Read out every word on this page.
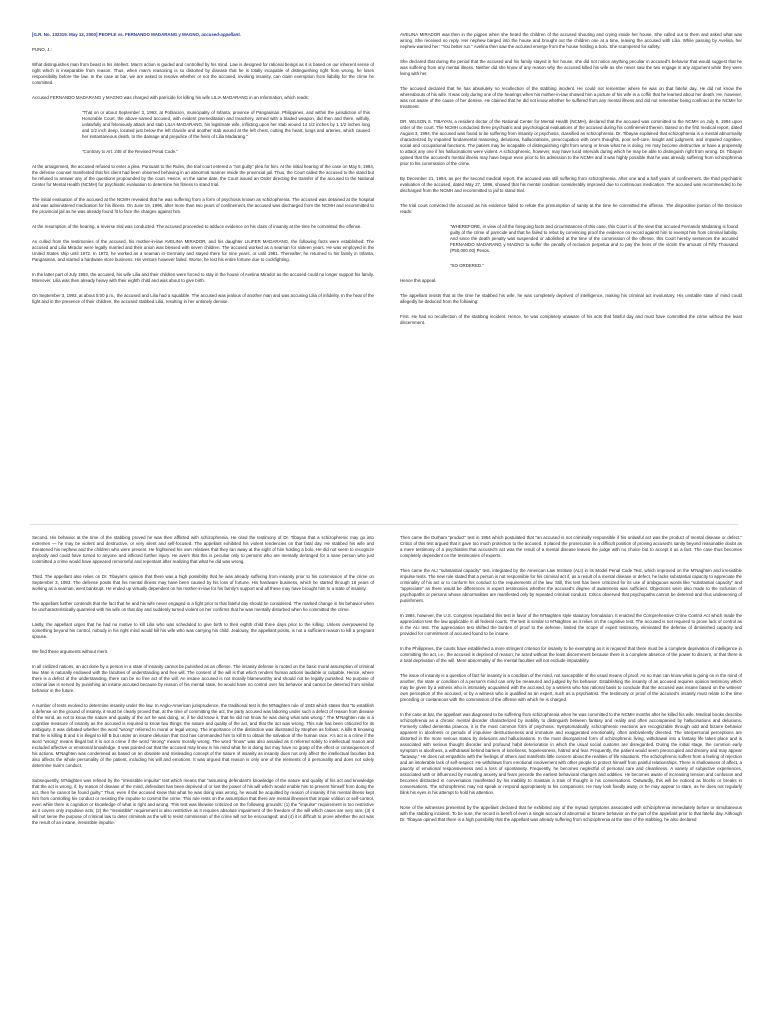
[G.R. No. 132319. May 12, 2000] PEOPLE vs. FERNANDO MADARANG y MAGNO, accused-appellant.

PUNO, J.:

What distinguishes man from beast is his intellect. Man's action is guided and controlled by his mind. Law is designed for rational beings as it is based on our inherent sense of right which is inseparable from reason. Thus, when man's reasoning is so distorted by disease that he is totally incapable of distinguishing right from wrong, he loses responsibility before the law. In the case at bar, we are asked to resolve whether or not the accused, invoking insanity, can claim exemption from liability for the crime he committed.

Accused FERNANDO MADARANG y MAGNO was charged with parricide for killing his wife LILIA MADARANG in an Information, which reads:

"That on or about September 3, 1993, at Poblacion, municipality of Infanta, province of Pangasinan, Philippines, and within the jurisdiction of this Honorable Court, the above-named accused, with evident premeditation and treachery, armed with a bladed weapon, did then and there, wilfully, unlawfully and feloniously attack and stab LILIA MADARANG, his legitimate wife, inflicting upon her stab wound 14 1/2 inches by 1 1/2 inches long and 1/2 inch deep, located just below the left clavicle and another stab wound at the left chest, cutting the heart, lungs and arteries, which caused her instantaneous death, to the damage and prejudice of the heirs of Lilia Madarang."

"Contrary to Art. 246 of the Revised Penal Code."

At the arraignment, the accused refused to enter a plea. Pursuant to the Rules, the trial court entered a "not guilty" plea for him. At the initial hearing of the case on May 5, 1994, the defense counsel manifested that his client had been observed behaving in an abnormal manner inside the provincial jail. Thus, the Court called the accused to the stand but he refused to answer any of the questions propounded by the court. Hence, on the same date, the Court issued an Order directing the transfer of the accused to the National Center for Mental Health (NCMH) for psychiatric evaluation to determine his fitness to stand trial.

The initial evaluation of the accused at the NCMH revealed that he was suffering from a form of psychosis known as schizophrenia. The accused was detained at the hospital and was administered medication for his illness. On June 19, 1996, after more than two years of confinement, the accused was discharged from the NCMH and recommitted to the provincial jail as he was already found fit to face the charges against him.

At the resumption of the hearing, a reverse trial was conducted. The accused proceeded to adduce evidence on his claim of insanity at the time he committed the offense.

As culled from the testimonies of the accused, his mother-in-law AVELINA MIRADOR, and his daughter LILIFER MADARANG, the following facts were established: The accused and Lilia Mirador were legally married and their union was blessed with seven children. The accused worked as a seaman for sixteen years. He was employed in the United States ship until 1972. In 1972, he worked as a seaman in Germany and stayed there for nine years, or until 1981. Thereafter, he returned to his family in Infanta, Pangasinan, and started a hardware store business. His venture however failed. Worse, he lost his entire fortune due to cockfighting.

In the latter part of July 1993, the accused, his wife Lilia and their children were forced to stay in the house of Avelina Mirador as the accused could no longer support his family. Moreover, Lilia was then already heavy with their eighth child and was about to give birth.

On September 3, 1993, at about 5:00 p.m., the accused and Lilia had a squabble. The accused was jealous of another man and was accusing Lilia of infidelity. In the heat of the fight and in the presence of their children, the accused stabbed Lilia, resulting in her untimely demise.

AVELINA MIRADOR was then in the pigpen when she heard the children of the accused shouting and crying inside her house. She called out to them and asked what was wrong. She received no reply. Her nephew barged into the house and brought out the children one at a time, leaving the accused with Lilia. While passing by Avelina, her nephew warned her: "You better run." Avelina then saw the accused emerge from the house holding a bolo. She scampered for safety.

She declared that during the period that the accused and his family stayed in her house, she did not notice anything peculiar in accused's behavior that would suggest that he was suffering from any mental illness. Neither did she know of any reason why the accused killed his wife as she never saw the two engage in any argument while they were living with her.

The accused declared that he has absolutely no recollection of the stabbing incident. He could not remember where he was on that fateful day. He did not know the whereabouts of his wife. It was only during one of the hearings when his mother-in-law showed him a picture of his wife in a coffin that he learned about her death. He, however, was not aware of the cause of her demise. He claimed that he did not know whether he suffered from any mental illness and did not remember being confined at the NCMH for treatment.

DR. WILSON S. TIBAYAN, a resident doctor of the National Center for Mental Health (NCMH), declared that the accused was committed to the NCMH on July 6, 1994 upon order of the court. The NCMH conducted three psychiatric and psychological evaluations of the accused during his confinement therein. Based on the first medical report, dated August 3, 1994, the accused was found to be suffering from insanity or psychosis, classified as schizophrenia. Dr. Tibayan explained that schizophrenia is a mental abnormality characterized by impaired fundamental reasoning, delusions, hallucinations, preoccupation with one's thoughts, poor self-care, insight and judgment, and impaired cognitive, social and occupational functions. The patient may be incapable of distinguishing right from wrong or know what he is doing. He may become destructive or have a propensity to attack any one if his hallucinations were violent. A schizophrenic, however, may have lucid intervals during which he may be able to distinguish right from wrong. Dr. Tibayan opined that the accused's mental illness may have begun even prior to his admission to the NCMH and it was highly possible that he was already suffering from schizophrenia prior to his commission of the crime.

By December 21, 1994, as per the second medical report, the accused was still suffering from schizophrenia. After one and a half years of confinement, the third psychiatric evaluation of the accused, dated May 27, 1996, showed that his mental condition considerably improved due to continuous medication. The accused was recommended to be discharged from the NCMH and recommitted to jail to stand trial.

The trial court convicted the accused as his evidence failed to refute the presumption of sanity at the time he committed the offense. The dispositive portion of the Decision reads:

"WHEREFORE, in view of all the foregoing facts and circumstances of this case, this Court is of the view that accused Fernando Madarang is found guilty of the crime of parricide and that he failed to rebut by convincing proof the evidence on record against him to exempt him from criminal liability. And since the death penalty was suspended or abolished at the time of the commission of the offense, this Court hereby sentences the accused FERNANDO MADARANG y MAGNO to suffer the penalty of reclusion perpetua and to pay the heirs of the victim the amount of Fifty Thousand (P50,000.00) Pesos.

"SO ORDERED."

Hence this appeal.

The appellant insists that at the time he stabbed his wife, he was completely deprived of intelligence, making his criminal act involuntary. His unstable state of mind could allegedly be deduced from the following:

First. He had no recollection of the stabbing incident. Hence, he was completely unaware of his acts that fateful day and must have committed the crime without the least discernment.

Second. His behavior at the time of the stabbing proved he was then afflicted with schizophrenia. He cited the testimony of Dr. Tibayan that a schizophrenic may go into extremes — he may be violent and destructive, or very silent and self-focused. The appellant exhibited his violent tendencies on that fatal day. He stabbed his wife and threatened his nephew and the children who were present. He frightened his own relatives that they ran away at the sight of him holding a bolo. He did not seem to recognize anybody and could have turned to anyone and inflicted further injury. He avers that this is peculiar only to persons who are mentally deranged for a sane person who just committed a crime would have appeared remorseful and repentant after realizing that what he did was wrong.

Third. The appellant also relies on Dr. Tibayan's opinion that there was a high possibility that he was already suffering from insanity prior to his commission of the crime on September 3, 1993. The defense posits that his mental illness may have been caused by his loss of fortune. His hardware business, which he started through 16 years of working as a seaman, went bankrupt. He ended up virtually dependent on his mother-in-law for his family's support and all these may have brought him to a state of insanity.

The appellant further contends that the fact that he and his wife never engaged in a fight prior to that fateful day should be considered. The marked change in his behavior when he uncharacteristically quarreled with his wife on that day and suddenly turned violent on her confirms that he was mentally disturbed when he committed the crime.

Lastly, the appellant urges that he had no motive to kill Lilia who was scheduled to give birth to their eighth child three days prior to the killing. Unless overpowered by something beyond his control, nobody in his right mind would kill his wife who was carrying his child. Jealousy, the appellant posits, is not a sufficient reason to kill a pregnant spouse.

We find these arguments without merit.

In all civilized nations, an act done by a person in a state of insanity cannot be punished as an offense. The insanity defense is rooted on the basic moral assumption of criminal law. Man is naturally endowed with the faculties of understanding and free will. The consent of the will is that which renders human actions laudable or culpable. Hence, where there is a defect of the understanding, there can be no free act of the will. An insane accused is not morally blameworthy and should not be legally punished. No purpose of criminal law is served by punishing an insane accused because by reason of his mental state, he would have no control over his behavior and cannot be deterred from similar behavior in the future.

A number of tests evolved to determine insanity under the law. In Anglo-American jurisprudence, the traditional test is the M'Naghten rule of 1843 which states that "to establish a defense on the ground of insanity, it must be clearly proved that, at the time of committing the act, the party accused was laboring under such a defect of reason from disease of the mind, as not to know the nature and quality of the act he was doing, or, if he did know it, that he did not know he was doing what was wrong." The M'Naghten rule is a cognitive measure of insanity as the accused is required to know two things: the nature and quality of the act, and that the act was wrong. This rule has been criticized for its ambiguity. It was debated whether the word "wrong" referred to moral or legal wrong. The importance of the distinction was illustrated by Stephen as follows: A kills B knowing that he is killing B and it is illegal to kill B but under an insane delusion that God has commanded him to kill B to obtain the salvation of the human race. A's act is a crime if the word "wrong" means illegal but it is not a crime if the word "wrong" means morally wrong. The word "know" was also assailed as it referred solely to intellectual reason and excluded affective or emotional knowledge. It was pointed out that the accused may know in his mind what he is doing but may have no grasp of the effect or consequences of his actions. M'Naghten was condemned as based on an obsolete and misleading concept of the nature of insanity as insanity does not only affect the intellectual faculties but also affects the whole personality of the patient, including his will and emotions. It was argued that reason is only one of the elements of a personality and does not solely determine man's conduct.

Subsequently, M'Naghten was refined by the "irresistible impulse" test which means that "assuming defendant's knowledge of the nature and quality of his act and knowledge that the act is wrong, if, by reason of disease of the mind, defendant has been deprived of or lost the power of his will which would enable him to prevent himself from doing the act, then he cannot be found guilty." Thus, even if the accused knew that what he was doing was wrong, he would be acquitted by reason of insanity if his mental illness kept him from controlling his conduct or resisting the impulse to commit the crime. This rule rests on the assumption that there are mental illnesses that impair volition or self-control, even while there is cognition or knowledge of what is right and wrong. This test was likewise criticized on the following grounds: (1) the "impulse" requirement is too restrictive as it covers only impulsive acts; (2) the "irresistible" requirement is also restrictive as it requires absolute impairment of the freedom of the will which cases are very rare; (3) it will not serve the purpose of criminal law to deter criminals as the will to resist commission of the crime will not be encouraged; and (4) it is difficult to prove whether the act was the result of an insane, irresistible impulse.

Then came the Durham "product" test in 1954 which postulated that "an accused is not criminally responsible if his unlawful act was the product of mental disease or defect." Critics of this test argued that it gave too much protection to the accused. It placed the prosecution in a difficult position of proving accused's sanity beyond reasonable doubt as a mere testimony of a psychiatrist that accused's act was the result of a mental disease leaves the judge with no choice but to accept it as a fact. The case thus becomes completely dependent on the testimonies of experts.

Then came the ALI "substantial capacity" test, integrated by the American Law Institute (ALI) in its Model Penal Code Test, which improved on the M'Naghten and irresistible impulse tests. The new rule stated that a person is not responsible for his criminal act if, as a result of a mental disease or defect, he lacks substantial capacity to appreciate the criminality of his act or to conform his conduct to the requirements of the law. Still, this test has been criticized for its use of ambiguous words like "substantial capacity" and "appreciate" as there would be differences in expert testimonies whether the accused's degree of awareness was sufficient. Objections were also made to the inclusion of psychopaths or persons whose abnormalities are manifested only by repeated criminal conduct. Critics observed that psychopaths cannot be deterred and thus undeserving of punishment.

In 1984, however, the U.S. Congress repudiated this test in favor of the M'Naghten style statutory formulation. It enacted the Comprehensive Crime Control Act which made the appreciation test the law applicable in all federal courts. The test is similar to M'Naghten as it relies on the cognitive test. The accused is not required to prove lack of control as in the ALI test. The appreciation test shifted the burden of proof to the defense, limited the scope of expert testimony, eliminated the defense of diminished capacity and provided for commitment of accused found to be insane.

In the Philippines, the courts have established a more stringent criterion for insanity to be exempting as it is required that there must be a complete deprivation of intelligence in committing the act, i.e., the accused is deprived of reason; he acted without the least discernment because there is a complete absence of the power to discern, or that there is a total deprivation of the will. Mere abnormality of the mental faculties will not exclude imputability.

The issue of insanity is a question of fact for insanity is a condition of the mind, not susceptible of the usual means of proof. As no man can know what is going on in the mind of another, the state or condition of a person's mind can only be measured and judged by his behavior. Establishing the insanity of an accused requires opinion testimony which may be given by a witness who is intimately acquainted with the accused, by a witness who has rational basis to conclude that the accused was insane based on the witness' own perception of the accused, or by a witness who is qualified as an expert, such as a psychiatrist. The testimony or proof of the accused's insanity must relate to the time preceding or coetaneous with the commission of the offense with which he is charged.

In the case at bar, the appellant was diagnosed to be suffering from schizophrenia when he was committed to the NCMH months after he killed his wife. Medical books describe schizophrenia as a chronic mental disorder characterized by inability to distinguish between fantasy and reality and often accompanied by hallucinations and delusions. Formerly called dementia praecox, it is the most common form of psychosis. Symptomatically, schizophrenic reactions are recognizable through odd and bizarre behavior apparent in aloofness or periods of impulsive destructiveness and immature and exaggerated emotionality, often ambivalently directed. The interpersonal perceptions are distorted in the more serious states by delusions and hallucinations. In the most disorganized form of schizophrenic living, withdrawal into a fantasy life takes place and is associated with serious thought disorder and profound habit deterioration in which the usual social customs are disregarded. During the initial stage, the common early symptom is aloofness, a withdrawal behind barriers of loneliness, hopelessness, hatred and fear. Frequently, the patient would seem preoccupied and dreamy and may appear "faraway." He does not empathize with the feelings of others and manifests little concern about the realities of life situations. The schizophrenic suffers from a feeling of rejection and an intolerable lack of self-respect. He withdraws from emotional involvement with other people to protect himself from painful relationships. There is shallowness of affect, a paucity of emotional responsiveness and a loss of spontaneity. Frequently, he becomes neglectful of personal care and cleanliness. A variety of subjective experiences, associated with or influenced by mounting anxiety and fears precede the earliest behavioral changes and oddities. He becomes aware of increasing tension and confusion and becomes distracted in conversation manifested by his inability to maintain a train of thought in his conversations. Outwardly, this will be noticed as blocks or breaks in conversations. The schizophrenic may not speak or respond appropriately to his companions. He may look fixedly away, or he may appear to stare, as he does not regularly blink his eyes in his attempt to hold his attention.

None of the witnesses presented by the appellant declared that he exhibited any of the myriad symptoms associated with schizophrenia immediately before or simultaneous with the stabbing incident. To be sure, the record is bereft of even a single account of abnormal or bizarre behavior on the part of the appellant prior to that fateful day. Although Dr. Tibayan opined that there is a high possibility that the appellant was already suffering from schizophrenia at the time of the stabbing, he also declared
